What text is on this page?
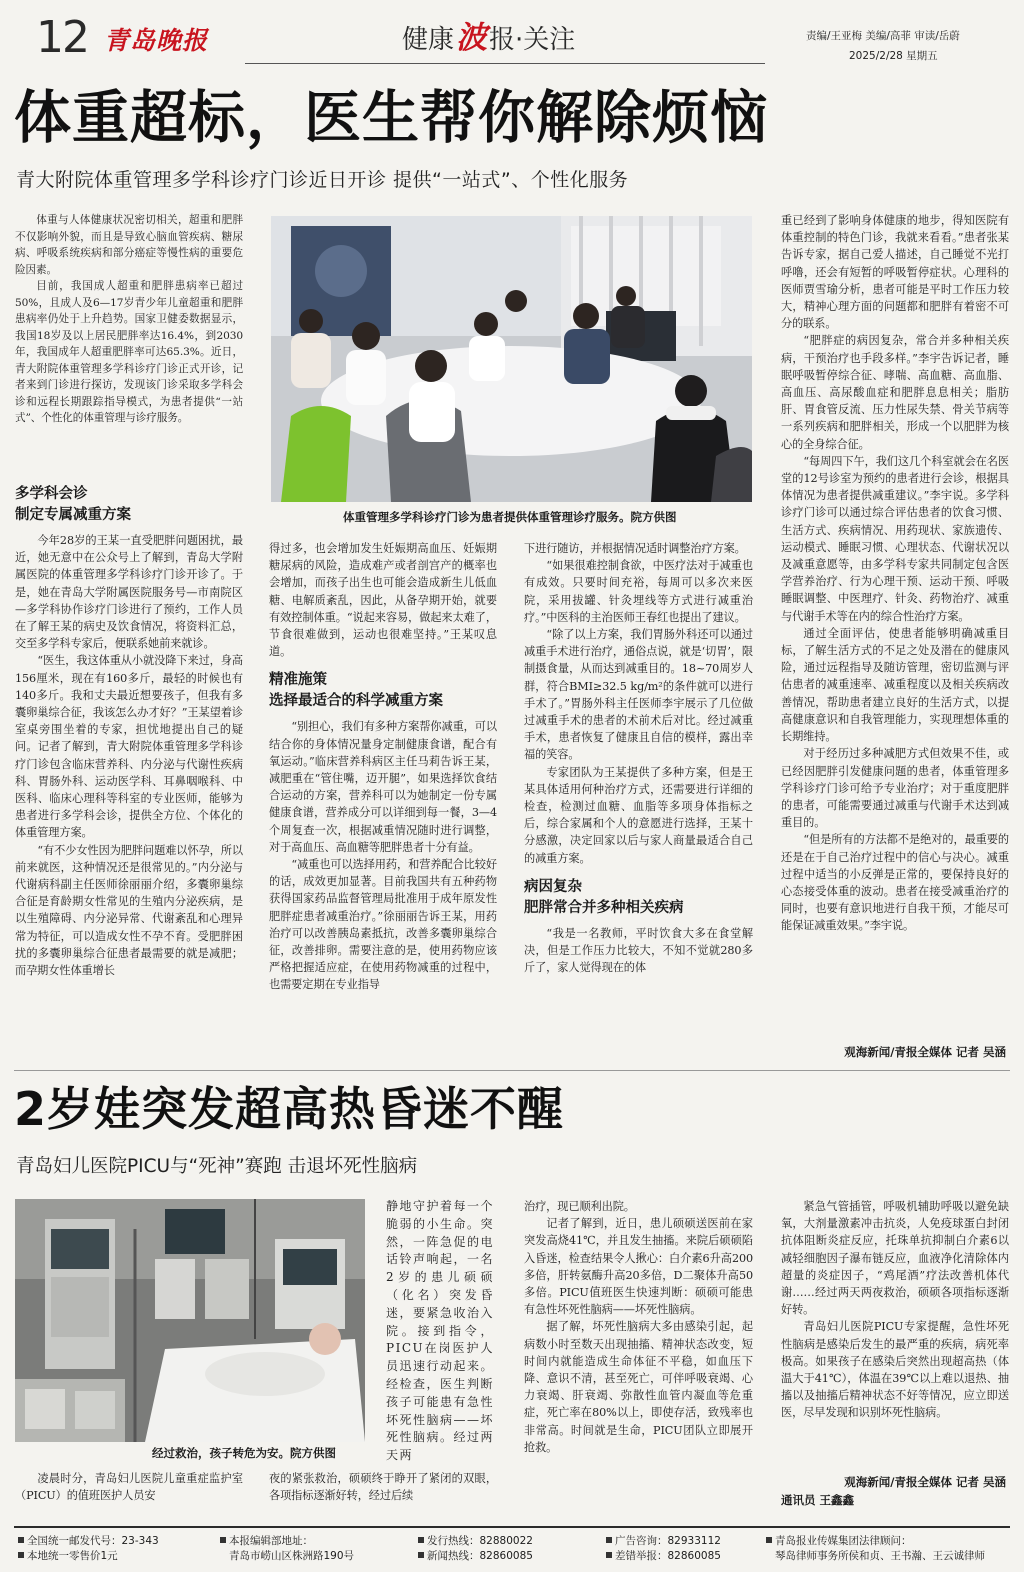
12 青岛晚报	健康波报·关注	责编/王亚梅 美编/高菲 审读/岳蔚
2025/2/28 星期五
体重超标，医生帮你解除烦恼
青大附院体重管理多学科诊疗门诊近日开诊 提供“一站式”、个性化服务

体重与人体健康状况密切相关，超重和肥胖不仅影响外貌，而且是导致心脑血管疾病、糖尿病、呼吸系统疾病和部分癌症等慢性病的重要危险因素。

目前，我国成人超重和肥胖患病率已超过50%，且成人及6—17岁青少年儿童超重和肥胖患病率仍处于上升趋势。国家卫健委数据显示，我国18岁及以上居民肥胖率达16.4%，到2030年，我国成年人超重肥胖率可达65.3%。近日，青大附院体重管理多学科诊疗门诊正式开诊，记者来到门诊进行探访，发现该门诊采取多学科会诊和远程长期跟踪指导模式，为患者提供“一站式”、个性化的体重管理与诊疗服务。

体重管理多学科诊疗门诊为患者提供体重管理诊疗服务。院方供图
多学科会诊
制定专属减重方案

今年28岁的王某一直受肥胖问题困扰，最近，她无意中在公众号上了解到，青岛大学附属医院的体重管理多学科诊疗门诊开诊了。于是，她在青岛大学附属医院服务号—市南院区—多学科协作诊疗门诊进行了预约，工作人员在了解王某的病史及饮食情况，将资料汇总，交至多学科专家后，便联系她前来就诊。

“医生，我这体重从小就没降下来过，身高156厘米，现在有160多斤，最轻的时候也有140多斤。我和丈夫最近想要孩子，但我有多囊卵巢综合征，我该怎么办才好？”王某望着诊室桌旁围坐着的专家，担忧地提出自己的疑问。记者了解到，青大附院体重管理多学科诊疗门诊包含临床营养科、内分泌与代谢性疾病科、胃肠外科、运动医学科、耳鼻咽喉科、中医科、临床心理科等科室的专业医师，能够为患者进行多学科会诊，提供全方位、个体化的体重管理方案。

“有不少女性因为肥胖问题难以怀孕，所以前来就医，这种情况还是很常见的。”内分泌与代谢病科副主任医师徐丽丽介绍，多囊卵巢综合征是育龄期女性常见的生殖内分泌疾病，是以生殖障碍、内分泌异常、代谢紊乱和心理异常为特征，可以造成女性不孕不育。受肥胖困扰的多囊卵巢综合征患者最需要的就是减肥；而孕期女性体重增长

得过多，也会增加发生妊娠期高血压、妊娠期糖尿病的风险，造成难产或者剖宫产的概率也会增加，而孩子出生也可能会造成新生儿低血糖、电解质紊乱，因此，从备孕期开始，就要有效控制体重。“说起来容易，做起来太难了，节食很难做到，运动也很难坚持。”王某叹息道。

精准施策
选择最适合的科学减重方案

“别担心，我们有多种方案帮你减重，可以结合你的身体情况量身定制健康食谱，配合有氧运动。”临床营养科病区主任马莉告诉王某，减肥重在“管住嘴，迈开腿”，如果选择饮食结合运动的方案，营养科可以为她制定一份专属健康食谱，营养成分可以详细到每一餐，3—4个周复查一次，根据减重情况随时进行调整，对于高血压、高血糖等肥胖患者十分有益。

“减重也可以选择用药，和营养配合比较好的话，成效更加显著。目前我国共有五种药物获得国家药品监督管理局批准用于成年原发性肥胖症患者减重治疗。”徐丽丽告诉王某，用药治疗可以改善胰岛素抵抗，改善多囊卵巢综合征，改善排卵。需要注意的是，使用药物应该严格把握适应症，在使用药物减重的过程中，也需要定期在专业指导

下进行随访，并根据情况适时调整治疗方案。

“如果很难控制食欲，中医疗法对于减重也有成效。只要时间充裕，每周可以多次来医院，采用拔罐、针灸埋线等方式进行减重治疗。”中医科的主治医师王春红也提出了建议。

“除了以上方案，我们胃肠外科还可以通过减重手术进行治疗，通俗点说，就是‘切胃’，限制摄食量，从而达到减重目的。18~70周岁人群，符合BMI≥32.5 kg/m²的条件就可以进行手术了。”胃肠外科主任医师李宇展示了几位做过减重手术的患者的术前术后对比。经过减重手术，患者恢复了健康且自信的模样，露出幸福的笑容。

专家团队为王某提供了多种方案，但是王某具体适用何种治疗方式，还需要进行详细的检查，检测过血糖、血脂等多项身体指标之后，综合家属和个人的意愿进行选择，王某十分感激，决定回家以后与家人商量最适合自己的减重方案。

病因复杂
肥胖常合并多种相关疾病

“我是一名教师，平时饮食大多在食堂解决，但是工作压力比较大，不知不觉就280多斤了，家人觉得现在的体

重已经到了影响身体健康的地步，得知医院有体重控制的特色门诊，我就来看看。”患者张某告诉专家，据自己爱人描述，自己睡觉不光打呼噜，还会有短暂的呼吸暂停症状。心理科的医师贾雪瑜分析，患者可能是平时工作压力较大，精神心理方面的问题都和肥胖有着密不可分的联系。

“肥胖症的病因复杂，常合并多种相关疾病，干预治疗也手段多样。”李宇告诉记者，睡眠呼吸暂停综合征、哮喘、高血糖、高血脂、高血压、高尿酸血症和肥胖息息相关；脂肪肝、胃食管反流、压力性尿失禁、骨关节病等一系列疾病和肥胖相关，形成一个以肥胖为核心的全身综合征。

“每周四下午，我们这几个科室就会在名医堂的12号诊室为预约的患者进行会诊，根据具体情况为患者提供减重建议。”李宇说。多学科诊疗门诊可以通过综合评估患者的饮食习惯、生活方式、疾病情况、用药现状、家族遗传、运动模式、睡眠习惯、心理状态、代谢状况以及减重意愿等，由多学科专家共同制定包含医学营养治疗、行为心理干预、运动干预、呼吸睡眠调整、中医理疗、针灸、药物治疗、减重与代谢手术等在内的综合性治疗方案。

通过全面评估，使患者能够明确减重目标，了解生活方式的不足之处及潜在的健康风险，通过远程指导及随访管理，密切监测与评估患者的减重速率、减重程度以及相关疾病改善情况，帮助患者建立良好的生活方式，以提高健康意识和自我管理能力，实现理想体重的长期维持。

对于经历过多种减肥方式但效果不佳，或已经因肥胖引发健康问题的患者，体重管理多学科诊疗门诊可给予专业治疗；对于重度肥胖的患者，可能需要通过减重与代谢手术达到减重目的。

“但是所有的方法都不是绝对的，最重要的还是在于自己治疗过程中的信心与决心。减重过程中适当的小反弹是正常的，要保持良好的心态接受体重的波动。患者在接受减重治疗的同时，也要有意识地进行自我干预，才能尽可能保证减重效果。”李宇说。

观海新闻/青报全媒体 记者 吴涵
2岁娃突发超高热昏迷不醒
青岛妇儿医院PICU与“死神”赛跑 击退坏死性脑病
经过救治，孩子转危为安。院方供图

静地守护着每一个脆弱的小生命。突然，一阵急促的电话铃声响起，一名2岁的患儿硕硕（化名）突发昏迷，要紧急收治入院。接到指令，PICU在岗医护人员迅速行动起来。经检查，医生判断孩子可能患有急性坏死性脑病——坏死性脑病。经过两天两

凌晨时分，青岛妇儿医院儿童重症监护室（PICU）的值班医护人员安

夜的紧张救治，硕硕终于睁开了紧闭的双眼，各项指标逐渐好转，经过后续

治疗，现已顺利出院。

记者了解到，近日，患儿硕硕送医前在家突发高烧41℃，并且发生抽搐。来院后硕硕陷入昏迷，检查结果令人揪心：白介素6升高200多倍，肝转氨酶升高20多倍，D二聚体升高50多倍。PICU值班医生快速判断：硕硕可能患有急性坏死性脑病——坏死性脑病。

据了解，坏死性脑病大多由感染引起，起病数小时至数天出现抽搐、精神状态改变，短时间内就能造成生命体征不平稳，如血压下降、意识不清，甚至死亡，可伴呼吸衰竭、心力衰竭、肝衰竭、弥散性血管内凝血等危重症，死亡率在80%以上，即使存活，致残率也非常高。时间就是生命，PICU团队立即展开抢救。

紧急气管插管，呼吸机辅助呼吸以避免缺氧，大剂量激素冲击抗炎，人免疫球蛋白封闭抗体阻断炎症反应，托珠单抗抑制白介素6以减轻细胞因子瀑布链反应，血液净化清除体内超量的炎症因子，“鸡尾酒”疗法改善机体代谢……经过两天两夜救治，硕硕各项指标逐渐好转。

青岛妇儿医院PICU专家提醒，急性坏死性脑病是感染后发生的最严重的疾病，病死率极高。如果孩子在感染后突然出现超高热（体温大于41℃），体温在39℃以上难以退热、抽搐以及抽搐后精神状态不好等情况，应立即送医，尽早发现和识别坏死性脑病。

观海新闻/青报全媒体 记者 吴涵
通讯员 王鑫鑫
全国统一邮发代号：23-343
本地统一零售价1元
本报编辑部地址：
青岛市崂山区株洲路190号
发行热线：82880022
新闻热线：82860085
广告咨询：82933112
差错举报：82860085
青岛报业传媒集团法律顾问：
琴岛律师事务所侯和贞、王书瀚、王云诚律师
